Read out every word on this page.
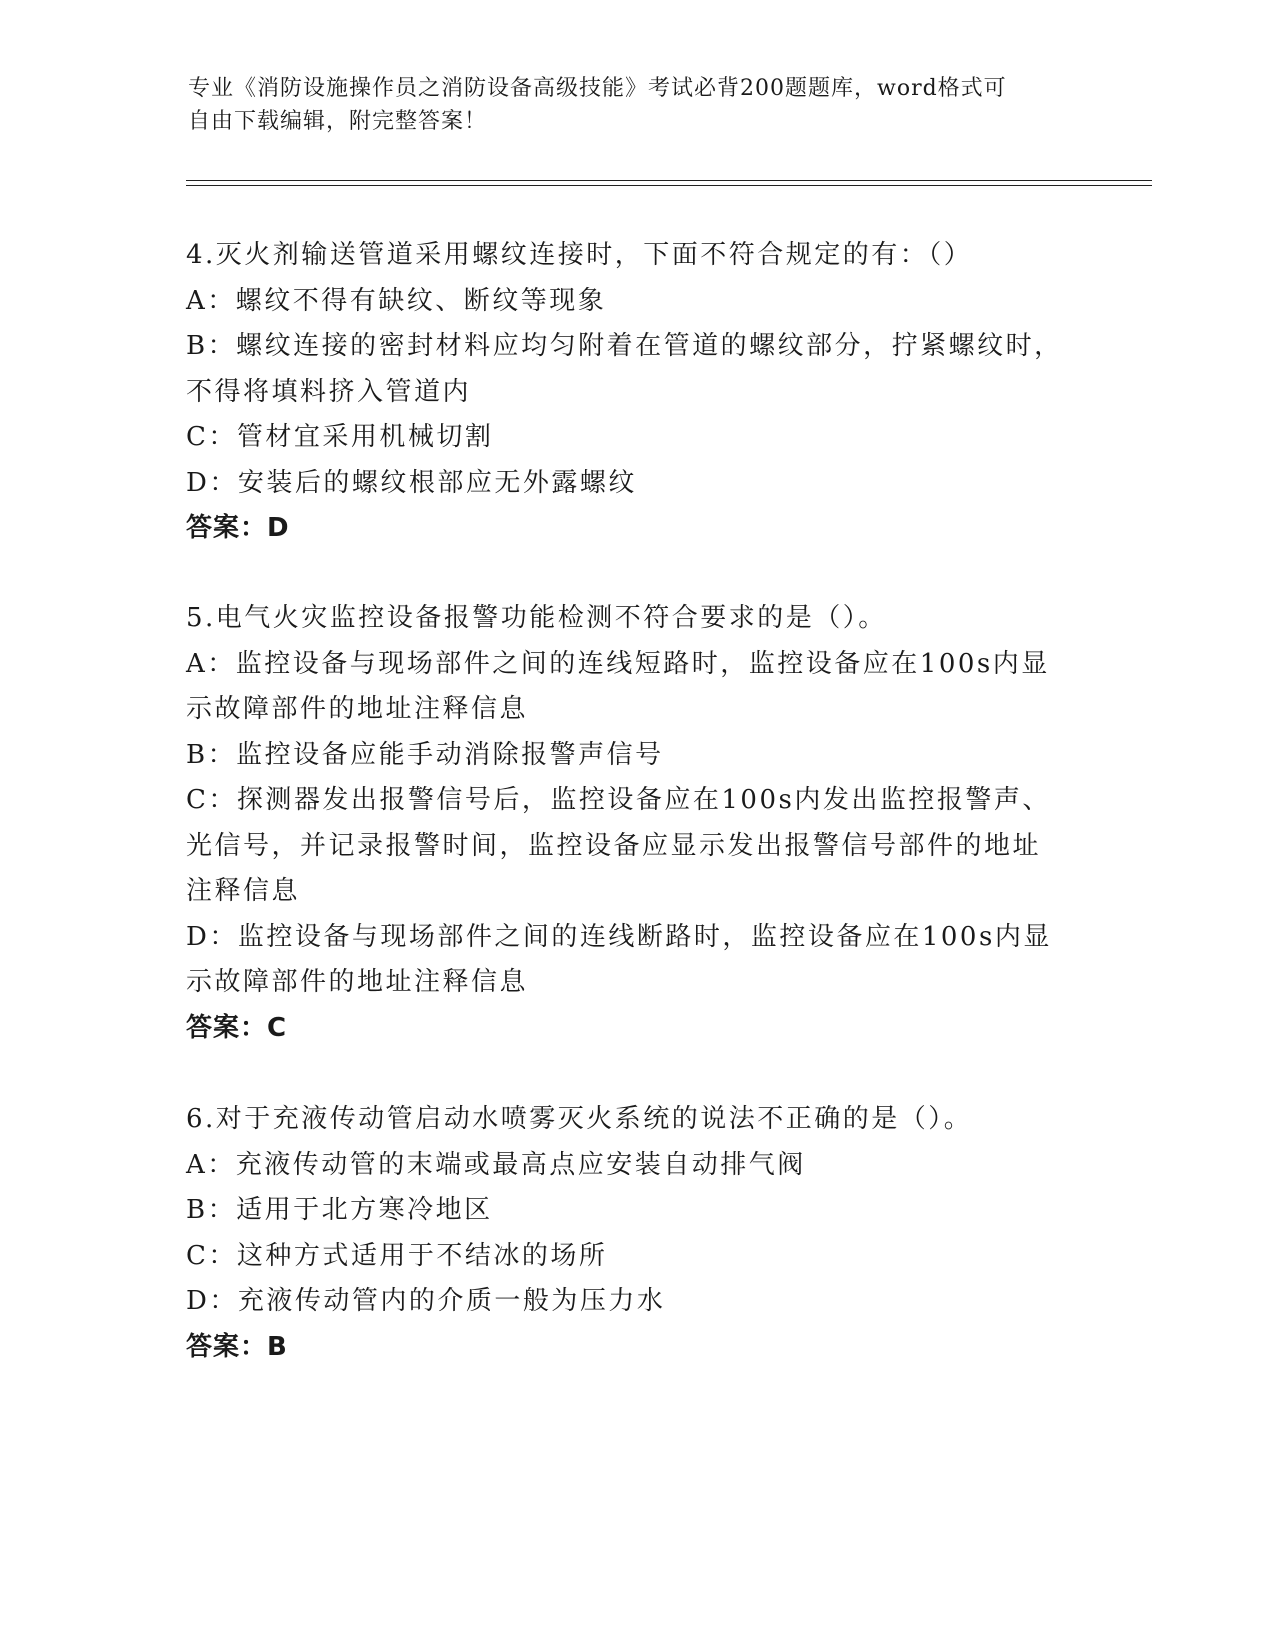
专业《消防设施操作员之消防设备高级技能》考试必背200题题库，word格式可
自由下载编辑，附完整答案！
4.灭火剂输送管道采用螺纹连接时，下面不符合规定的有：（）
A：螺纹不得有缺纹、断纹等现象
B：螺纹连接的密封材料应均匀附着在管道的螺纹部分，拧紧螺纹时，
不得将填料挤入管道内
C：管材宜采用机械切割
D：安装后的螺纹根部应无外露螺纹
答案：D
5.电气火灾监控设备报警功能检测不符合要求的是（）。
A：监控设备与现场部件之间的连线短路时，监控设备应在100s内显
示故障部件的地址注释信息
B：监控设备应能手动消除报警声信号
C：探测器发出报警信号后，监控设备应在100s内发出监控报警声、
光信号，并记录报警时间，监控设备应显示发出报警信号部件的地址
注释信息
D：监控设备与现场部件之间的连线断路时，监控设备应在100s内显
示故障部件的地址注释信息
答案：C
6.对于充液传动管启动水喷雾灭火系统的说法不正确的是（）。
A：充液传动管的末端或最高点应安装自动排气阀
B：适用于北方寒冷地区
C：这种方式适用于不结冰的场所
D：充液传动管内的介质一般为压力水
答案：B
